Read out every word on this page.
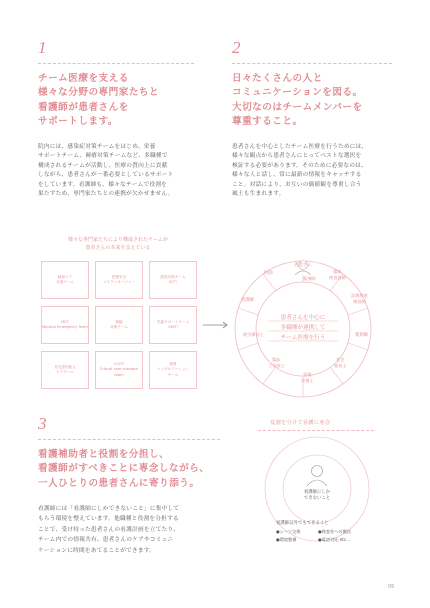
1
チーム医療を支える
様々な分野の専門家たちと
看護師が患者さんを
サポートします。
院内には、感染症対策チームをはじめ、栄養
サポートチーム、褥瘡対策チームなど、多職種で
構成されるチームが活動し、医療の質向上に貢献
しながら、患者さんが一番必要としているサポート
をしています。看護師も、様々なチームで役割を
果たすため、専門家たちとの連携が欠かせません。
2
日々たくさんの人と
コミュニケーションを図る。
大切なのはチームメンバーを
尊重すること。
患者さんを中心としたチーム医療を行うためには、
様々な観点から患者さんにとってベストな選択を
検証する必要があります。そのために必要なのは、
様々な人と話し、常に最新の情報をキャッチする
こと。対話により、お互いの価値観を尊重し合う
風土も生まれます。
様々な専門家たちにより構成されたチームが
患者さんの本来を支えている
緩和ケア
支援チーム
医療安全
マスクマネージャー
感染対策チーム
（ICT）
MET
Medical Emergency Team
褥瘡
対策チーム
栄養サポートチーム
（NST）
在宅認知症人
ケアチーム
CCOT
Critical care outreach team
排泄
コンサルテーション
チーム
患者さん
患者さんを中心に
多職種が連携して
チーム医療を行う
医師	臨床
検査技師
診療放射
線技師
薬剤師
社会
福祉士
管理
栄養士
臨床
工学技士
理学療法士
看護師
薬剤師
3
看護補助者と役割を分担し、
看護師がすべきことに専念しながら、
一人ひとりの患者さんに寄り添う。
看護師には「看護師にしかできないこと」に集中して
もらう環境を整えています。他職種と役割を分担する
ことで、受け持った患者さんの看護計画を立てたり、
チーム内での情報共有、患者さんのケアやコミュニ
ケーションに時間をあてることができます。
役割を分けて看護に専念
看護師にしか
できないこと
看護師以外でもできること
●シーツ交換	●検査室への搬送
●環境整備	●電話対応 etc...
05
